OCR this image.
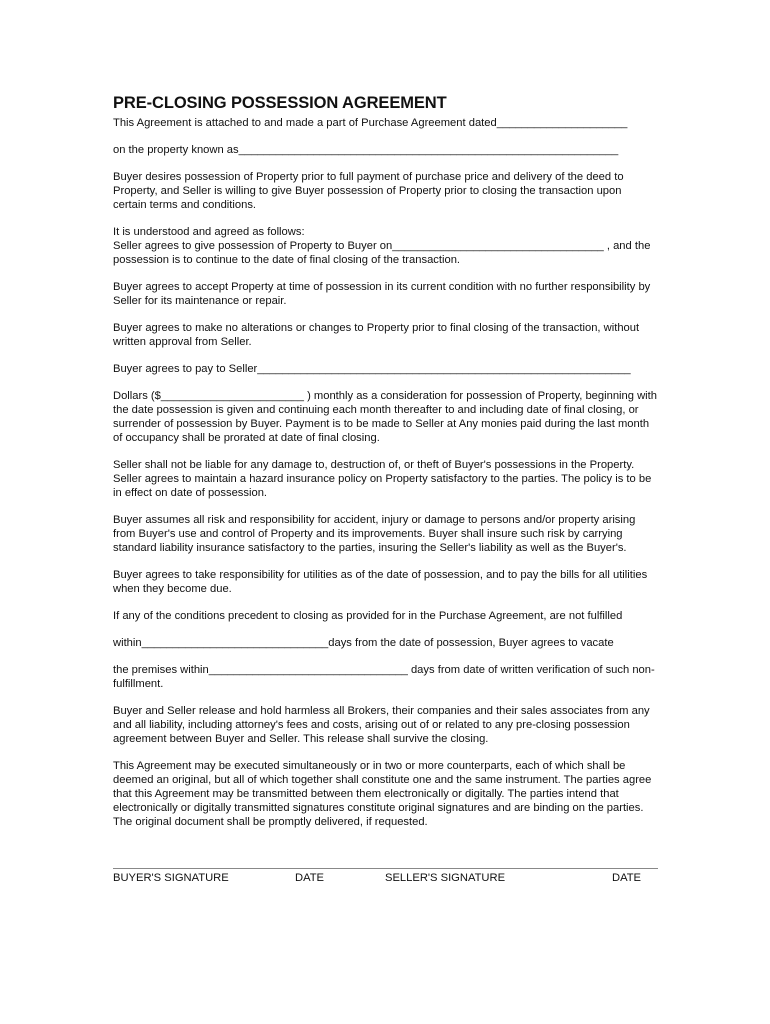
PRE-CLOSING POSSESSION AGREEMENT

This Agreement is attached to and made a part of Purchase Agreement dated_____________________

on the property known as_____________________________________________________________

Buyer desires possession of Property prior to full payment of purchase price and delivery of the deed to Property, and Seller is willing to give Buyer possession of Property prior to closing the transaction upon certain terms and conditions.

It is understood and agreed as follows:
Seller agrees to give possession of Property to Buyer on__________________________________ , and the possession is to continue to the date of final closing of the transaction.

Buyer agrees to accept Property at time of possession in its current condition with no further responsibility by Seller for its maintenance or repair.

Buyer agrees to make no alterations or changes to Property prior to final closing of the transaction, without written approval from Seller.

Buyer agrees to pay to Seller____________________________________________________________

Dollars ($_______________________ ) monthly as a consideration for possession of Property, beginning with the date possession is given and continuing each month thereafter to and including date of final closing, or surrender of possession by Buyer. Payment is to be made to Seller at Any monies paid during the last month of occupancy shall be prorated at date of final closing.

Seller shall not be liable for any damage to, destruction of, or theft of Buyer's possessions in the Property. Seller agrees to maintain a hazard insurance policy on Property satisfactory to the parties. The policy is to be in effect on date of possession.

Buyer assumes all risk and responsibility for accident, injury or damage to persons and/or property arising from Buyer's use and control of Property and its improvements. Buyer shall insure such risk by carrying standard liability insurance satisfactory to the parties, insuring the Seller's liability as well as the Buyer's.

Buyer agrees to take responsibility for utilities as of the date of possession, and to pay the bills for all utilities when they become due.

If any of the conditions precedent to closing as provided for in the Purchase Agreement, are not fulfilled

within______________________________days from the date of possession, Buyer agrees to vacate

the premises within________________________________ days from date of written verification of such non-fulfillment.

Buyer and Seller release and hold harmless all Brokers, their companies and their sales associates from any and all liability, including attorney's fees and costs, arising out of or related to any pre-closing possession agreement between Buyer and Seller. This release shall survive the closing.

This Agreement may be executed simultaneously or in two or more counterparts, each of which shall be deemed an original, but all of which together shall constitute one and the same instrument. The parties agree that this Agreement may be transmitted between them electronically or digitally. The parties intend that electronically or digitally transmitted signatures constitute original signatures and are binding on the parties. The original document shall be promptly delivered, if requested.

BUYER'S SIGNATURE	DATE	SELLER'S SIGNATURE	DATE
